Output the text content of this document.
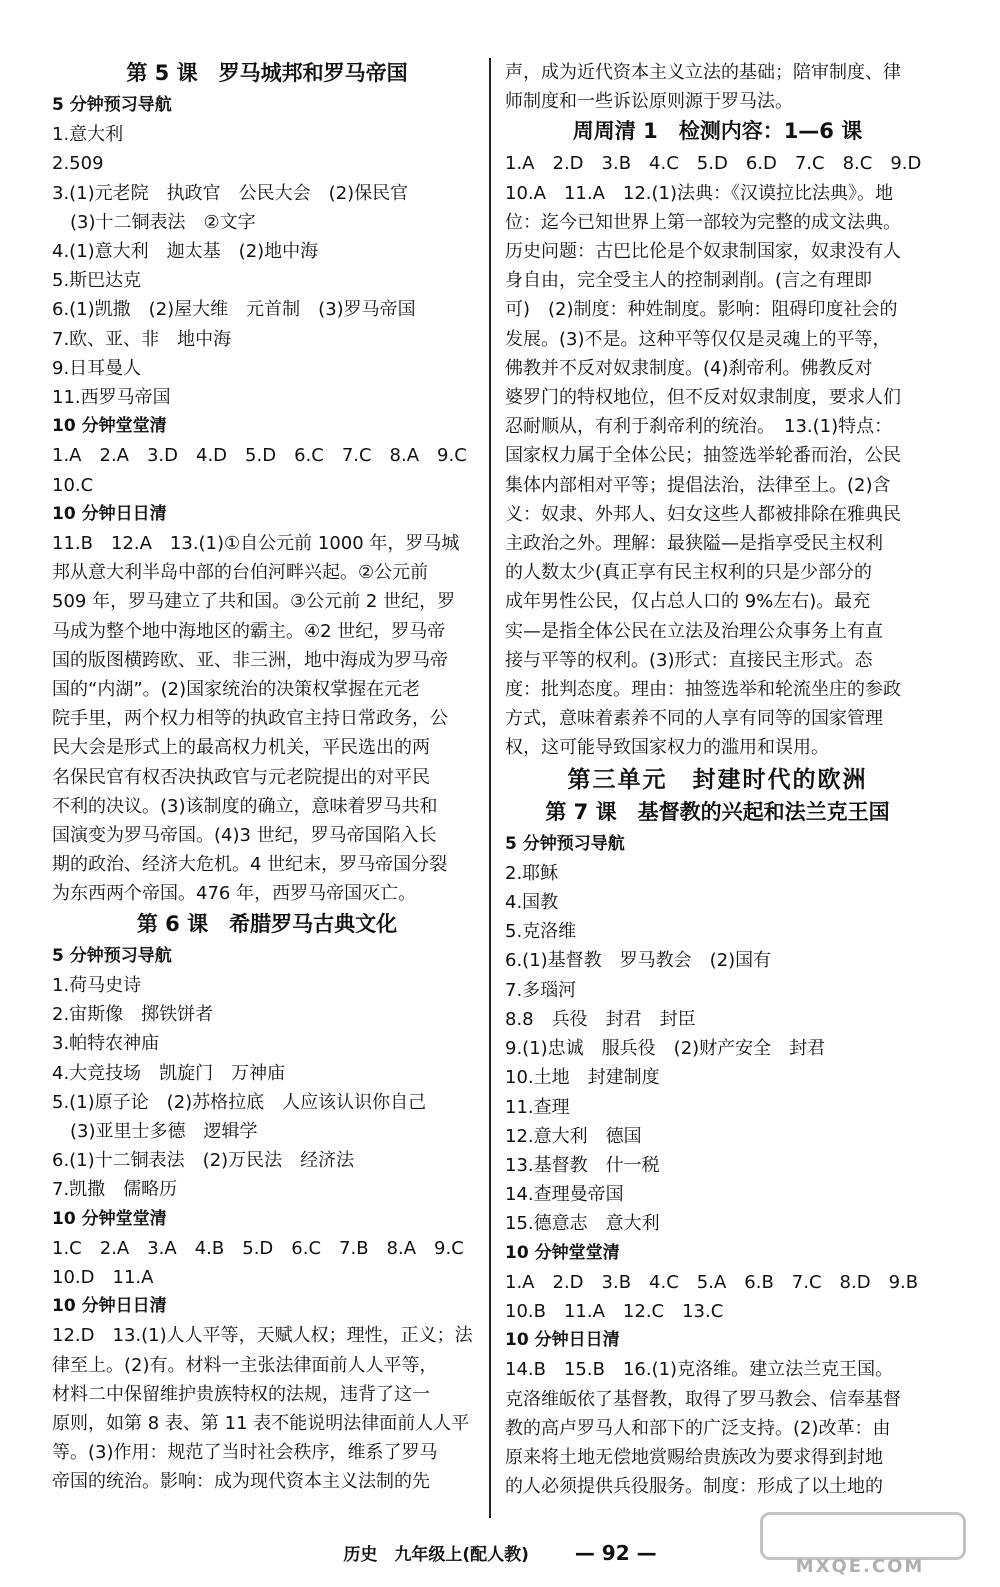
第 5 课　罗马城邦和罗马帝国
5 分钟预习导航
1.意大利
2.509
3.(1)元老院　执政官　公民大会　(2)保民官
(3)十二铜表法　②文字
4.(1)意大利　迦太基　(2)地中海
5.斯巴达克
6.(1)凯撒　(2)屋大维　元首制　(3)罗马帝国
7.欧、亚、非　地中海
9.日耳曼人
11.西罗马帝国
10 分钟堂堂清
1.A　2.A　3.D　4.D　5.D　6.C　7.C　8.A　9.C
10.C
10 分钟日日清
11.B　12.A　13.(1)①自公元前 1000 年，罗马城
邦从意大利半岛中部的台伯河畔兴起。②公元前
509 年，罗马建立了共和国。③公元前 2 世纪，罗
马成为整个地中海地区的霸主。④2 世纪，罗马帝
国的版图横跨欧、亚、非三洲，地中海成为罗马帝
国的“内湖”。(2)国家统治的决策权掌握在元老
院手里，两个权力相等的执政官主持日常政务，公
民大会是形式上的最高权力机关，平民选出的两
名保民官有权否决执政官与元老院提出的对平民
不利的决议。(3)该制度的确立，意味着罗马共和
国演变为罗马帝国。(4)3 世纪，罗马帝国陷入长
期的政治、经济大危机。4 世纪末，罗马帝国分裂
为东西两个帝国。476 年，西罗马帝国灭亡。
第 6 课　希腊罗马古典文化
5 分钟预习导航
1.荷马史诗
2.宙斯像　掷铁饼者
3.帕特农神庙
4.大竞技场　凯旋门　万神庙
5.(1)原子论　(2)苏格拉底　人应该认识你自己
(3)亚里士多德　逻辑学
6.(1)十二铜表法　(2)万民法　经济法
7.凯撒　儒略历
10 分钟堂堂清
1.C　2.A　3.A　4.B　5.D　6.C　7.B　8.A　9.C
10.D　11.A
10 分钟日日清
12.D　13.(1)人人平等，天赋人权；理性，正义；法
律至上。(2)有。材料一主张法律面前人人平等，
材料二中保留维护贵族特权的法规，违背了这一
原则，如第 8 表、第 11 表不能说明法律面前人人平
等。(3)作用：规范了当时社会秩序，维系了罗马
帝国的统治。影响：成为现代资本主义法制的先
声，成为近代资本主义立法的基础；陪审制度、律
师制度和一些诉讼原则源于罗马法。
周周清 1　检测内容：1—6 课
1.A　2.D　3.B　4.C　5.D　6.D　7.C　8.C　9.D
10.A　11.A　12.(1)法典：《汉谟拉比法典》。地
位：迄今已知世界上第一部较为完整的成文法典。
历史问题：古巴比伦是个奴隶制国家，奴隶没有人
身自由，完全受主人的控制剥削。(言之有理即
可)　(2)制度：种姓制度。影响：阻碍印度社会的
发展。(3)不是。这种平等仅仅是灵魂上的平等，
佛教并不反对奴隶制度。(4)刹帝利。佛教反对
婆罗门的特权地位，但不反对奴隶制度，要求人们
忍耐顺从，有利于刹帝利的统治。　13.(1)特点：
国家权力属于全体公民；抽签选举轮番而治，公民
集体内部相对平等；提倡法治，法律至上。(2)含
义：奴隶、外邦人、妇女这些人都被排除在雅典民
主政治之外。理解：最狭隘—是指享受民主权利
的人数太少(真正享有民主权利的只是少部分的
成年男性公民，仅占总人口的 9%左右)。最充
实—是指全体公民在立法及治理公众事务上有直
接与平等的权利。(3)形式：直接民主形式。态
度：批判态度。理由：抽签选举和轮流坐庄的参政
方式，意味着素养不同的人享有同等的国家管理
权，这可能导致国家权力的滥用和误用。
第三单元　封建时代的欧洲
第 7 课　基督教的兴起和法兰克王国
5 分钟预习导航
2.耶稣
4.国教
5.克洛维
6.(1)基督教　罗马教会　(2)国有
7.多瑙河
8.8　兵役　封君　封臣
9.(1)忠诚　服兵役　(2)财产安全　封君
10.土地　封建制度
11.查理
12.意大利　德国
13.基督教　什一税
14.查理曼帝国
15.德意志　意大利
10 分钟堂堂清
1.A　2.D　3.B　4.C　5.A　6.B　7.C　8.D　9.B
10.B　11.A　12.C　13.C
10 分钟日日清
14.B　15.B　16.(1)克洛维。建立法兰克王国。
克洛维皈依了基督教，取得了罗马教会、信奉基督
教的高卢罗马人和部下的广泛支持。(2)改革：由
原来将土地无偿地赏赐给贵族改为要求得到封地
的人必须提供兵役服务。制度：形成了以土地的
历史　九年级上(配人教) — 92 —
MXQE.COM
